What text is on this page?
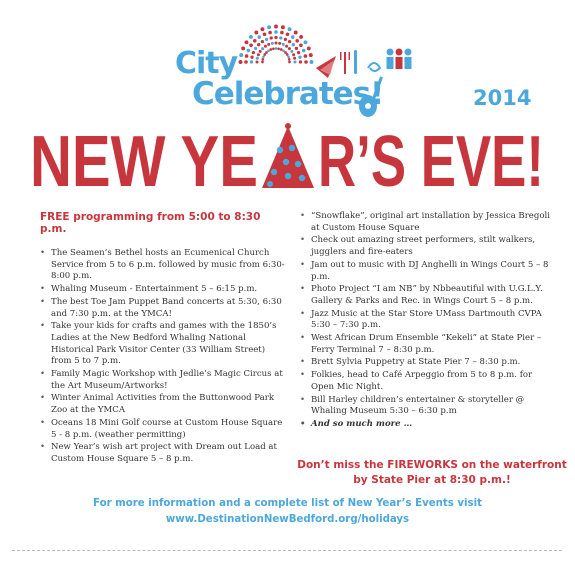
City

Celebrates!	2014

NEW YE R’S EVE!

FREE programming from 5:00 to 8:30 p.m.

• The Seamen’s Bethel hosts an Ecumenical Church Service from 5 to 6 p.m. followed by music from 6:30-8:00 p.m.
• Whaling Museum - Entertainment 5 – 6:15 p.m.
• The best Toe Jam Puppet Band concerts at 5:30, 6:30 and 7:30 p.m. at the YMCA!
• Take your kids for crafts and games with the 1850’s Ladies at the New Bedford Whaling National Historical Park Visitor Center (33 William Street) from 5 to 7 p.m.
• Family Magic Workshop with Jedlie’s Magic Circus at the Art Museum/Artworks!
• Winter Animal Activities from the Buttonwood Park Zoo at the YMCA
• Oceans 18 Mini Golf course at Custom House Square 5 - 8 p.m. (weather permitting)
• New Year’s wish art project with Dream out Load at Custom House Square 5 – 8 p.m.
• “Snowflake”, original art installation by Jessica Bregoli at Custom House Square
• Check out amazing street performers, stilt walkers, jugglers and fire-eaters
• Jam out to music with DJ Anghelli in Wings Court 5 – 8 p.m.
• Photo Project “I am NB” by Nbbeautiful with U.G.L.Y. Gallery & Parks and Rec. in Wings Court 5 – 8 p.m.
• Jazz Music at the Star Store UMass Dartmouth CVPA 5:30 – 7:30 p.m.
• West African Drum Ensemble “Kekeli” at State Pier – Ferry Terminal 7 – 8:30 p.m.
• Brett Sylvia Puppetry at State Pier 7 – 8:30 p.m.
• Folkies, head to Café Arpeggio from 5 to 8 p.m. for Open Mic Night.
• Bill Harley children’s entertainer & storyteller @ Whaling Museum 5:30 – 6:30 p.m
• And so much more …

Don’t miss the FIREWORKS on the waterfront by State Pier at 8:30 p.m.!

For more information and a complete list of New Year’s Events visit
www.DestinationNewBedford.org/holidays
